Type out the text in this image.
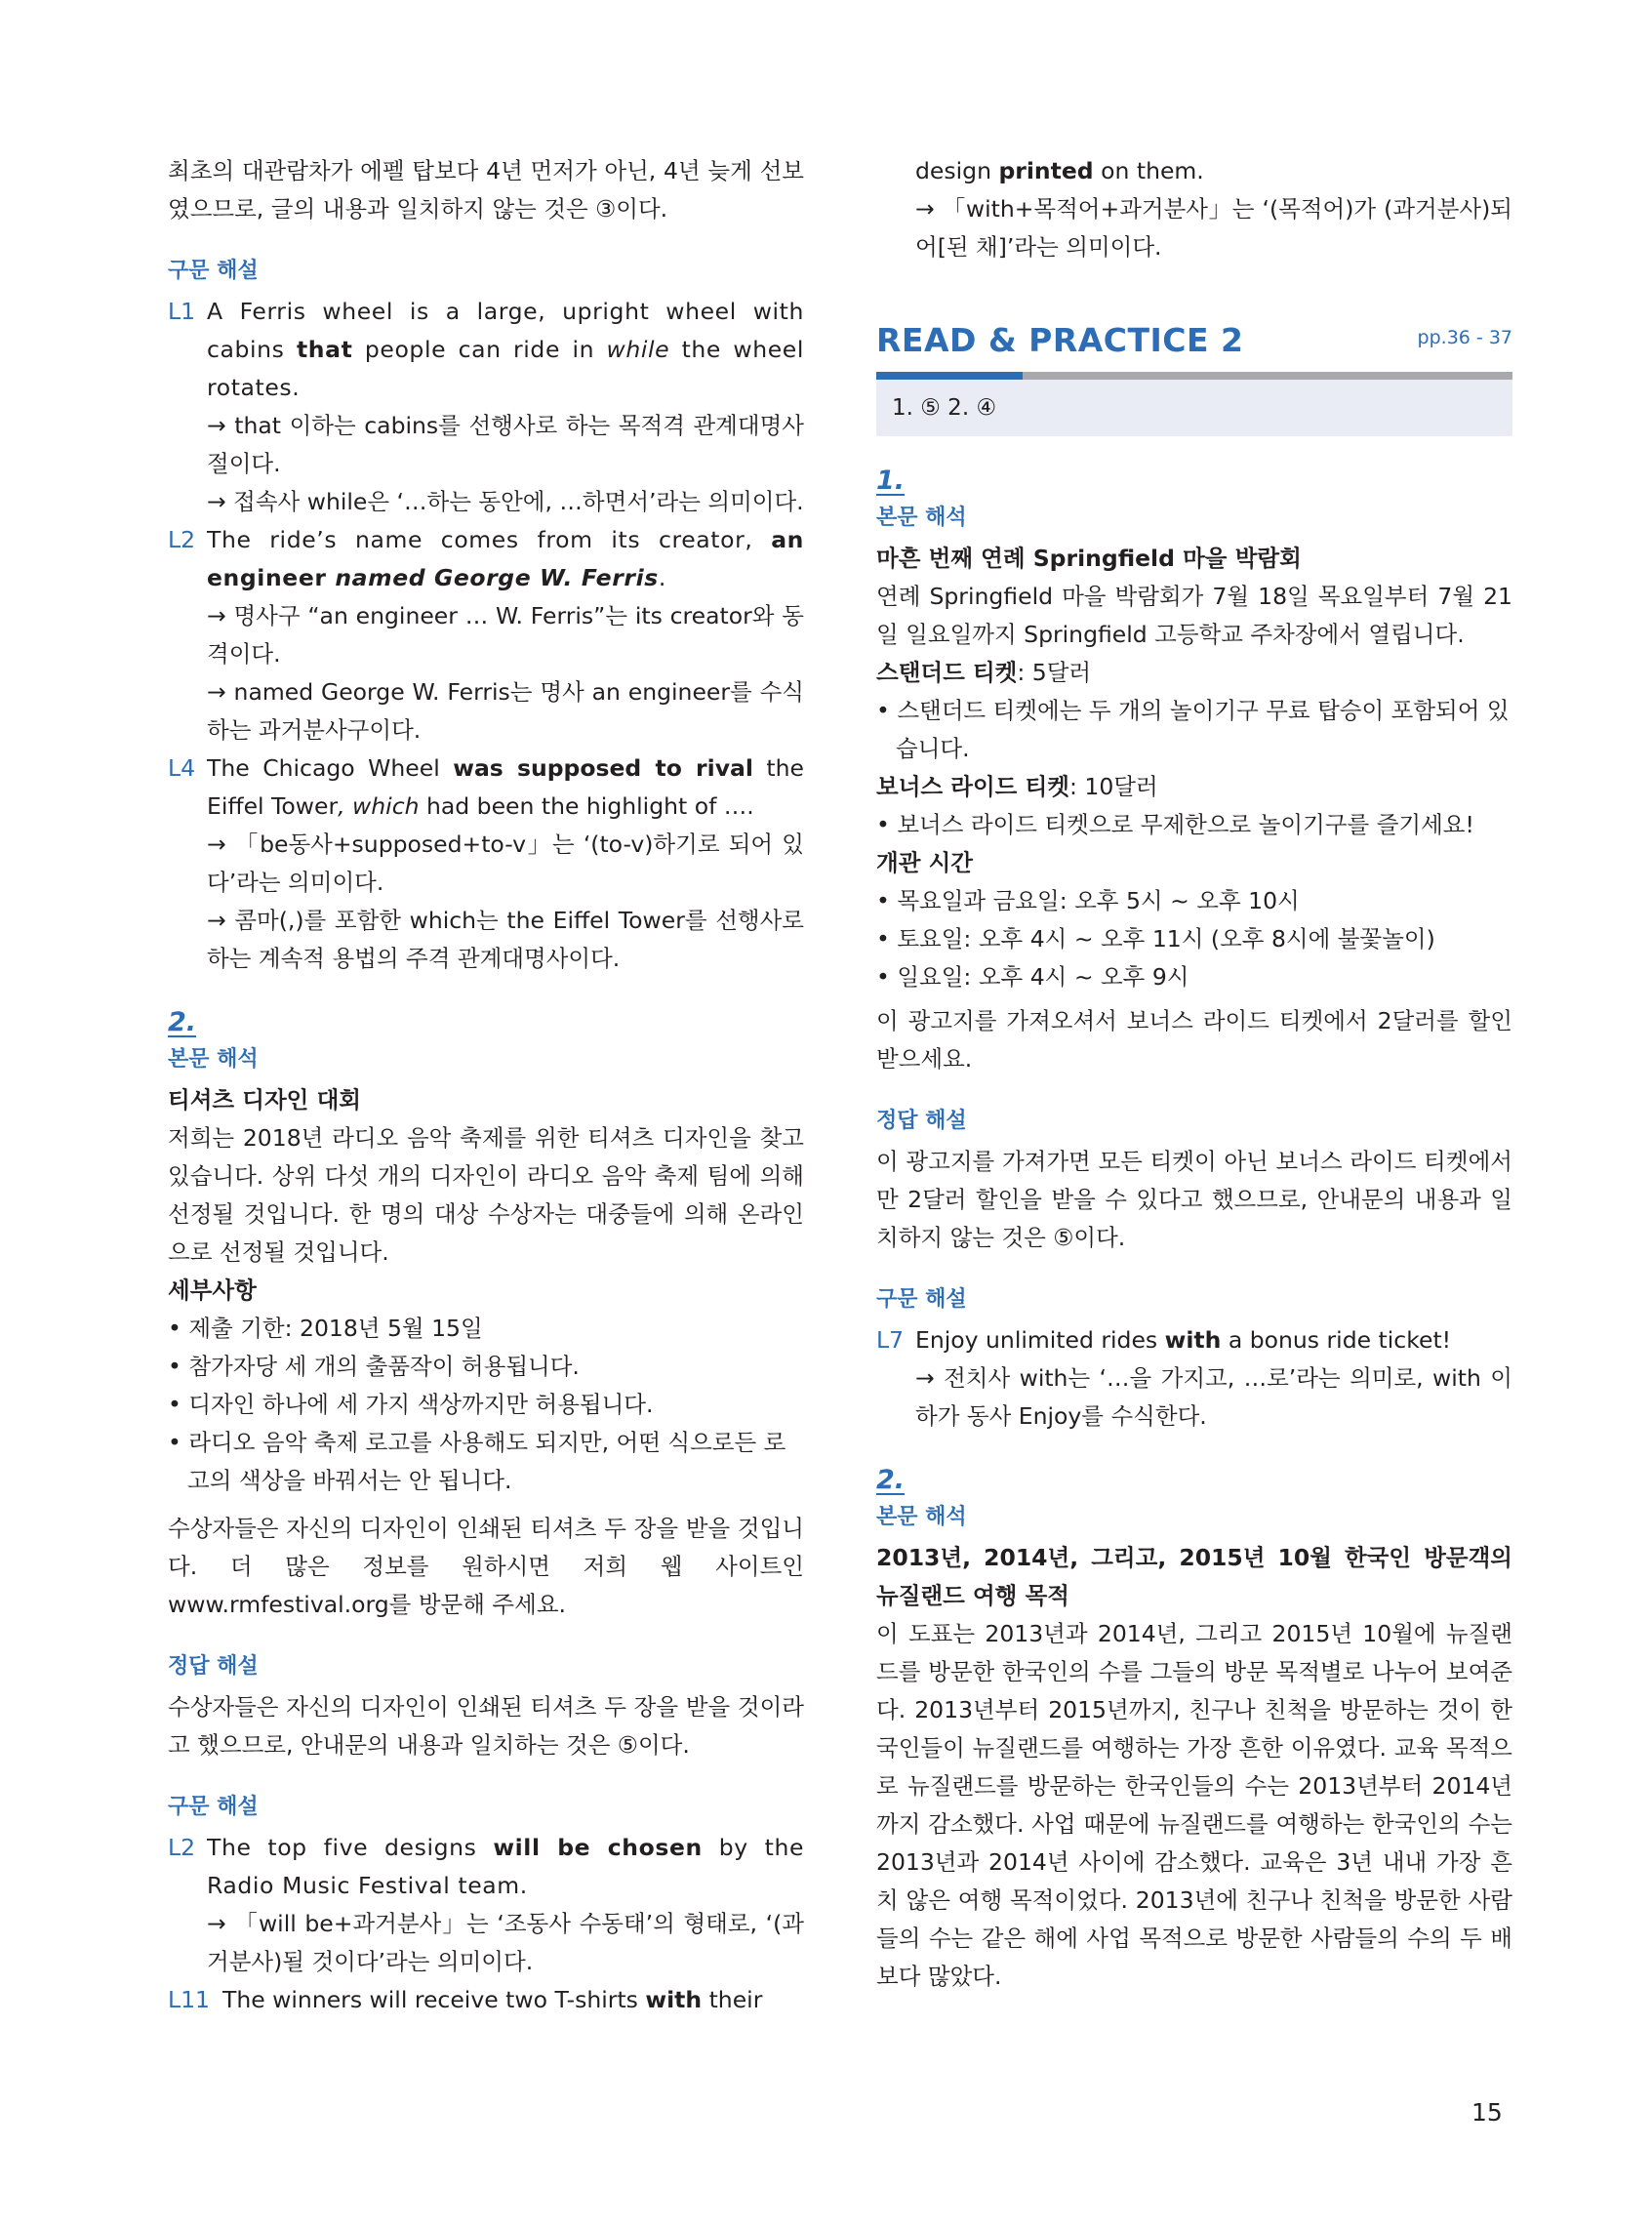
최초의 대관람차가 에펠 탑보다 4년 먼저가 아닌, 4년 늦게 선보였으므로, 글의 내용과 일치하지 않는 것은 ③이다.

구문 해설
L1 A Ferris wheel is a large, upright wheel with cabins that people can ride in while the wheel rotates.

→ that 이하는 cabins를 선행사로 하는 목적격 관계대명사절이다.

→ 접속사 while은 ‘…하는 동안에, …하면서’라는 의미이다.

L2 The ride’s name comes from its creator, an engineer named George W. Ferris.

→ 명사구 “an engineer … W. Ferris”는 its creator와 동격이다.

→ named George W. Ferris는 명사 an engineer를 수식하는 과거분사구이다.

L4 The Chicago Wheel was supposed to rival the Eiffel Tower, which had been the highlight of ….

→ 「be동사+supposed+to-v」는 ‘(to-v)하기로 되어 있다’라는 의미이다.

→ 콤마(,)를 포함한 which는 the Eiffel Tower를 선행사로 하는 계속적 용법의 주격 관계대명사이다.

2.
본문 해석

티셔츠 디자인 대회

저희는 2018년 라디오 음악 축제를 위한 티셔츠 디자인을 찾고 있습니다. 상위 다섯 개의 디자인이 라디오 음악 축제 팀에 의해 선정될 것입니다. 한 명의 대상 수상자는 대중들에 의해 온라인으로 선정될 것입니다.

세부사항

• 제출 기한: 2018년 5월 15일

• 참가자당 세 개의 출품작이 허용됩니다.

• 디자인 하나에 세 가지 색상까지만 허용됩니다.

• 라디오 음악 축제 로고를 사용해도 되지만, 어떤 식으로든 로고의 색상을 바꿔서는 안 됩니다.

수상자들은 자신의 디자인이 인쇄된 티셔츠 두 장을 받을 것입니다. 더 많은 정보를 원하시면 저희 웹 사이트인 www.rmfestival.org를 방문해 주세요.

정답 해설

수상자들은 자신의 디자인이 인쇄된 티셔츠 두 장을 받을 것이라고 했으므로, 안내문의 내용과 일치하는 것은 ⑤이다.

구문 해설
L2 The top five designs will be chosen by the Radio Music Festival team.

→ 「will be+과거분사」는 ‘조동사 수동태’의 형태로, ‘(과거분사)될 것이다’라는 의미이다.

L11 The winners will receive two T-shirts with their

design printed on them.

→ 「with+목적어+과거분사」는 ‘(목적어)가 (과거분사)되어[된 채]’라는 의미이다.

READ & PRACTICE 2	pp.36 - 37
1. ⑤ 2. ④
1.
본문 해석

마흔 번째 연례 Springfield 마을 박람회

연례 Springfield 마을 박람회가 7월 18일 목요일부터 7월 21일 일요일까지 Springfield 고등학교 주차장에서 열립니다.

스탠더드 티켓: 5달러

• 스탠더드 티켓에는 두 개의 놀이기구 무료 탑승이 포함되어 있습니다.

보너스 라이드 티켓: 10달러

• 보너스 라이드 티켓으로 무제한으로 놀이기구를 즐기세요!

개관 시간

• 목요일과 금요일: 오후 5시 ~ 오후 10시

• 토요일: 오후 4시 ~ 오후 11시 (오후 8시에 불꽃놀이)

• 일요일: 오후 4시 ~ 오후 9시

이 광고지를 가져오셔서 보너스 라이드 티켓에서 2달러를 할인받으세요.

정답 해설

이 광고지를 가져가면 모든 티켓이 아닌 보너스 라이드 티켓에서만 2달러 할인을 받을 수 있다고 했으므로, 안내문의 내용과 일치하지 않는 것은 ⑤이다.

구문 해설
L7 Enjoy unlimited rides with a bonus ride ticket!

→ 전치사 with는 ‘…을 가지고, …로’라는 의미로, with 이하가 동사 Enjoy를 수식한다.

2.
본문 해석

2013년, 2014년, 그리고, 2015년 10월 한국인 방문객의 뉴질랜드 여행 목적

이 도표는 2013년과 2014년, 그리고 2015년 10월에 뉴질랜드를 방문한 한국인의 수를 그들의 방문 목적별로 나누어 보여준다. 2013년부터 2015년까지, 친구나 친척을 방문하는 것이 한국인들이 뉴질랜드를 여행하는 가장 흔한 이유였다. 교육 목적으로 뉴질랜드를 방문하는 한국인들의 수는 2013년부터 2014년까지 감소했다. 사업 때문에 뉴질랜드를 여행하는 한국인의 수는 2013년과 2014년 사이에 감소했다. 교육은 3년 내내 가장 흔치 않은 여행 목적이었다. 2013년에 친구나 친척을 방문한 사람들의 수는 같은 해에 사업 목적으로 방문한 사람들의 수의 두 배보다 많았다.

15
